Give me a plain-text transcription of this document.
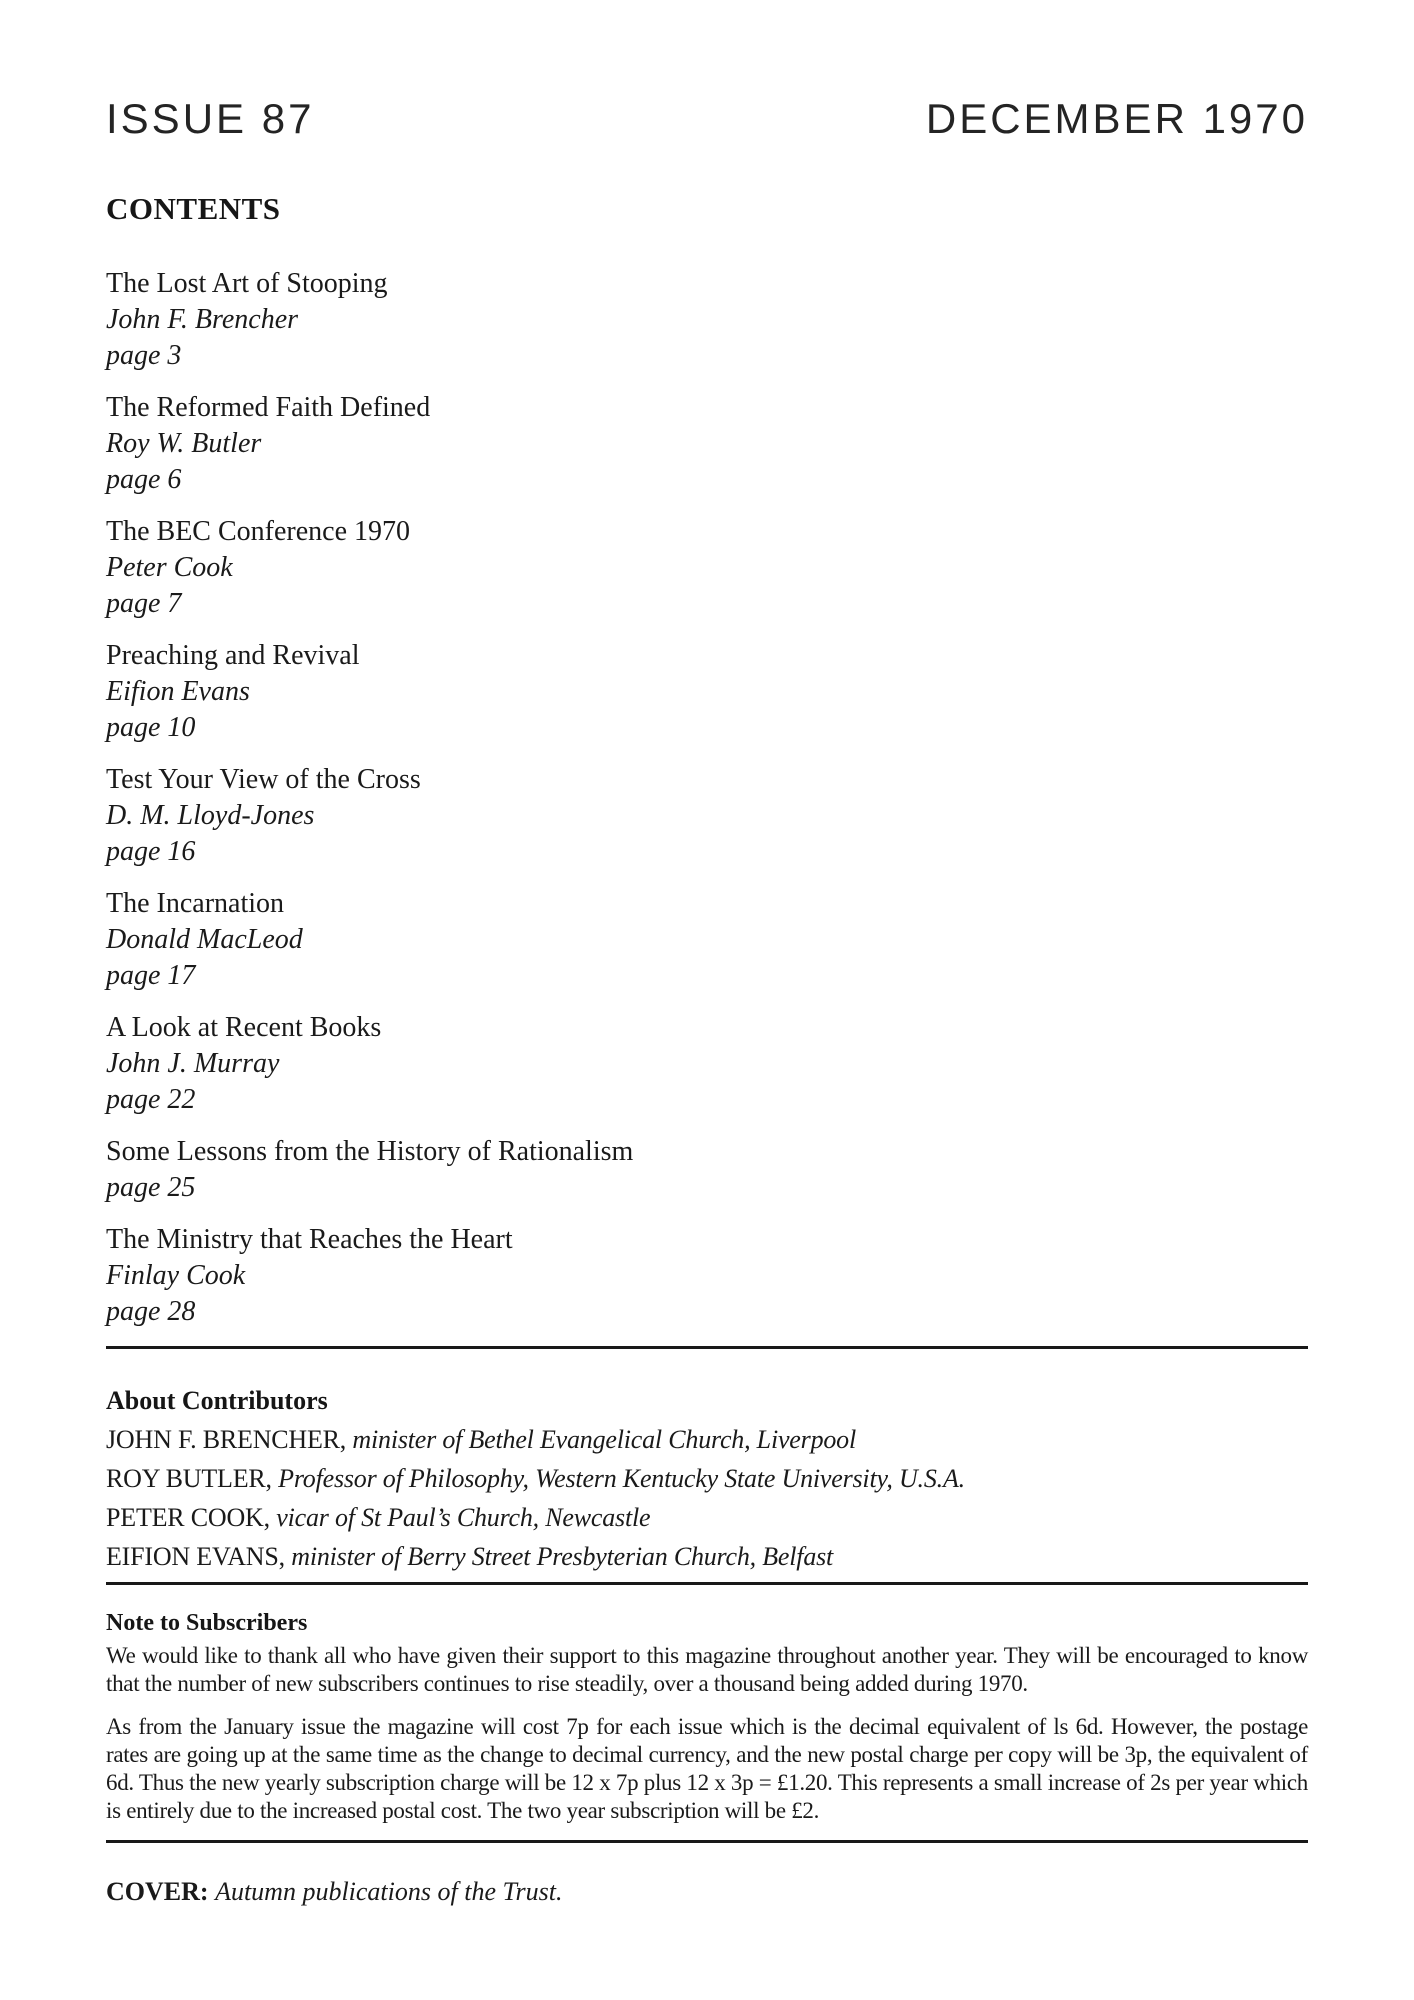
ISSUE 87	DECEMBER 1970
CONTENTS
The Lost Art of Stooping
John F. Brencher
page 3
The Reformed Faith Defined
Roy W. Butler
page 6
The BEC Conference 1970
Peter Cook
page 7
Preaching and Revival
Eifion Evans
page 10
Test Your View of the Cross
D. M. Lloyd-Jones
page 16
The Incarnation
Donald MacLeod
page 17
A Look at Recent Books
John J. Murray
page 22
Some Lessons from the History of Rationalism
page 25
The Ministry that Reaches the Heart
Finlay Cook
page 28
About Contributors

JOHN F. BRENCHER, minister of Bethel Evangelical Church, Liverpool

ROY BUTLER, Professor of Philosophy, Western Kentucky State University, U.S.A.

PETER COOK, vicar of St Paul’s Church, Newcastle

EIFION EVANS, minister of Berry Street Presbyterian Church, Belfast

Note to Subscribers

We would like to thank all who have given their support to this magazine throughout another year. They will be encouraged to know that the number of new subscribers continues to rise steadily, over a thousand being added during 1970.

As from the January issue the magazine will cost 7p for each issue which is the decimal equivalent of ls 6d. However, the postage rates are going up at the same time as the change to decimal currency, and the new postal charge per copy will be 3p, the equivalent of 6d. Thus the new yearly subscription charge will be 12 x 7p plus 12 x 3p = £1.20. This represents a small increase of 2s per year which is entirely due to the increased postal cost. The two year subscription will be £2.

COVER: Autumn publications of the Trust.
